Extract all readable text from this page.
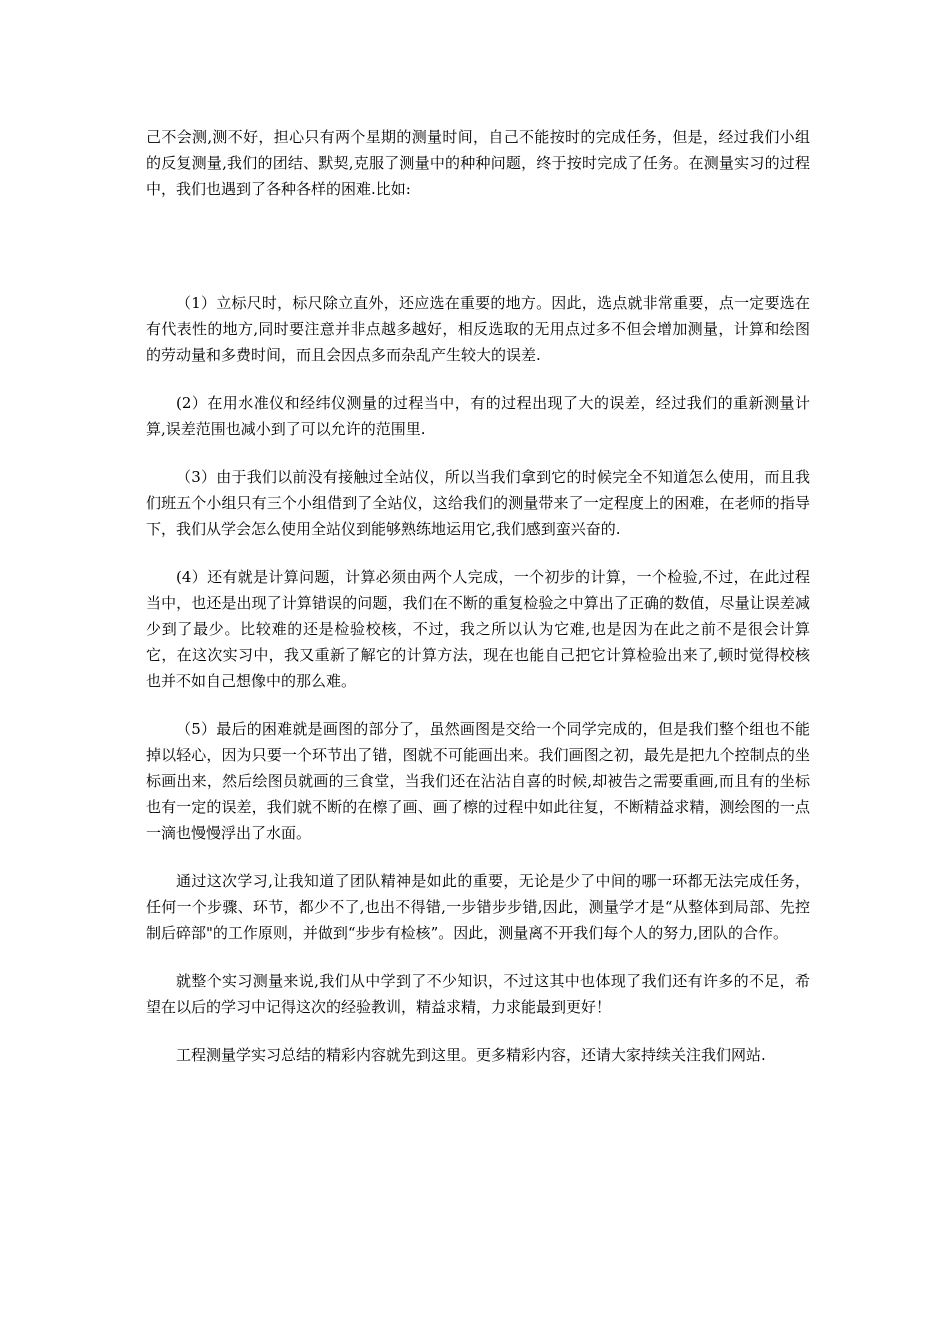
己不会测,测不好，担心只有两个星期的测量时间，自己不能按时的完成任务，但是，经过我们小组的反复测量,我们的团结、默契,克服了测量中的种种问题，终于按时完成了任务。在测量实习的过程中，我们也遇到了各种各样的困难.比如:

（1）立标尺时，标尺除立直外，还应选在重要的地方。因此，选点就非常重要，点一定要选在有代表性的地方,同时要注意并非点越多越好，相反选取的无用点过多不但会增加测量，计算和绘图的劳动量和多费时间，而且会因点多而杂乱产生较大的误差.

(2）在用水准仪和经纬仪测量的过程当中，有的过程出现了大的误差，经过我们的重新测量计算,误差范围也减小到了可以允许的范围里.

（3）由于我们以前没有接触过全站仪，所以当我们拿到它的时候完全不知道怎么使用，而且我们班五个小组只有三个小组借到了全站仪，这给我们的测量带来了一定程度上的困难，在老师的指导下，我们从学会怎么使用全站仪到能够熟练地运用它,我们感到蛮兴奋的.

(4）还有就是计算问题，计算必须由两个人完成，一个初步的计算，一个检验,不过，在此过程当中，也还是出现了计算错误的问题，我们在不断的重复检验之中算出了正确的数值，尽量让误差减少到了最少。比较难的还是检验校核，不过，我之所以认为它难,也是因为在此之前不是很会计算它，在这次实习中，我又重新了解它的计算方法，现在也能自己把它计算检验出来了,顿时觉得校核也并不如自己想像中的那么难。

（5）最后的困难就是画图的部分了，虽然画图是交给一个同学完成的，但是我们整个组也不能掉以轻心，因为只要一个环节出了错，图就不可能画出来。我们画图之初，最先是把九个控制点的坐标画出来，然后绘图员就画的三食堂，当我们还在沾沾自喜的时候,却被告之需要重画,而且有的坐标也有一定的误差，我们就不断的在檫了画、画了檫的过程中如此往复，不断精益求精，测绘图的一点一滴也慢慢浮出了水面。

通过这次学习,让我知道了团队精神是如此的重要，无论是少了中间的哪一环都无法完成任务，任何一个步骤、环节，都少不了,也出不得错,一步错步步错,因此，测量学才是“从整体到局部、先控制后碎部"的工作原则，并做到“步步有检核”。因此，测量离不开我们每个人的努力,团队的合作。

就整个实习测量来说,我们从中学到了不少知识，不过这其中也体现了我们还有许多的不足，希望在以后的学习中记得这次的经验教训，精益求精，力求能最到更好！

工程测量学实习总结的精彩内容就先到这里。更多精彩内容，还请大家持续关注我们网站.
